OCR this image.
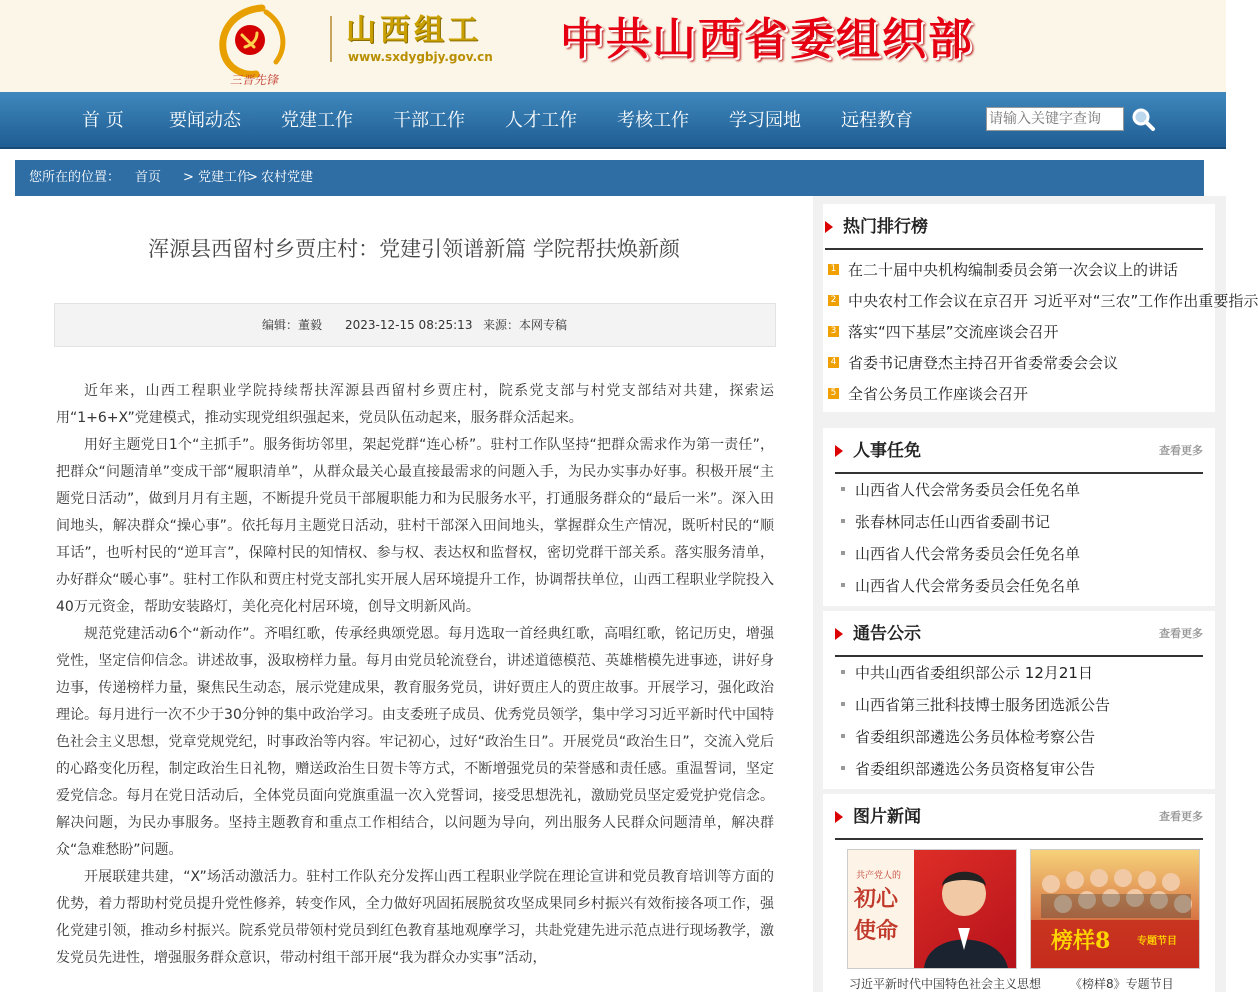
三晋先锋
山西组工
www.sxdygbjy.gov.cn 中共山西省委组织部
首 页	要闻动态 党建工作 干部工作 人才工作 考核工作 学习园地 远程教育
请输入关键字查询
您所在的位置： 首页 > 党建工作
> 农村党建
浑源县西留村乡贾庄村：党建引领谱新篇 学院帮扶焕新颜
编辑：董毅 2023-12-15 08:25:13 来源：本网专稿

近年来，山西工程职业学院持续帮扶浑源县西留村乡贾庄村，院系党支部与村党支部结对共建，探索运用“1+6+X”党建模式，推动实现党组织强起来，党员队伍动起来，服务群众活起来。

用好主题党日1个“主抓手”。服务街坊邻里，架起党群“连心桥”。驻村工作队坚持“把群众需求作为第一责任”，把群众“问题清单”变成干部“履职清单”，从群众最关心最直接最需求的问题入手，为民办实事办好事。积极开展“主题党日活动”，做到月月有主题，不断提升党员干部履职能力和为民服务水平，打通服务群众的“最后一米”。深入田间地头，解决群众“操心事”。依托每月主题党日活动，驻村干部深入田间地头，掌握群众生产情况，既听村民的“顺耳话”，也听村民的“逆耳言”，保障村民的知情权、参与权、表达权和监督权，密切党群干部关系。落实服务清单， 办好群众“暖心事”。驻村工作队和贾庄村党支部扎实开展人居环境提升工作，协调帮扶单位，山西工程职业学院投入40万元资金，帮助安装路灯，美化亮化村居环境，创导文明新风尚。

规范党建活动6个“新动作”。齐唱红歌，传承经典颂党恩。每月选取一首经典红歌，高唱红歌，铭记历史，增强党性，坚定信仰信念。讲述故事，汲取榜样力量。每月由党员轮流登台，讲述道德模范、英雄楷模先进事迹，讲好身边事，传递榜样力量，聚焦民生动态，展示党建成果，教育服务党员，讲好贾庄人的贾庄故事。开展学习，强化政治理论。每月进行一次不少于30分钟的集中政治学习。由支委班子成员、优秀党员领学，集中学习习近平新时代中国特色社会主义思想，党章党规党纪，时事政治等内容。牢记初心，过好“政治生日”。开展党员“政治生日”，交流入党后的心路变化历程，制定政治生日礼物，赠送政治生日贺卡等方式，不断增强党员的荣誉感和责任感。重温誓词，坚定爱党信念。每月在党日活动后，全体党员面向党旗重温一次入党誓词，接受思想洗礼，激励党员坚定爱党护党信念。解决问题，为民办事服务。坚持主题教育和重点工作相结合，以问题为导向，列出服务人民群众问题清单，解决群众“急难愁盼”问题。

开展联建共建，“X”场活动激活力。驻村工作队充分发挥山西工程职业学院在理论宣讲和党员教育培训等方面的优势，着力帮助村党员提升党性修养，转变作风，全力做好巩固拓展脱贫攻坚成果同乡村振兴有效衔接各项工作，强化党建引领，推动乡村振兴。院系党员带领村党员到红色教育基地观摩学习，共赴党建先进示范点进行现场教学，激发党员先进性，增强服务群众意识，带动村组干部开展“我为群众办实事”活动，

热门排行榜
1 在二十届中央机构编制委员会第一次会议上的讲话
2 中央农村工作会议在京召开 习近平对“三农”工作作出重要指示
3 落实“四下基层”交流座谈会召开
4 省委书记唐登杰主持召开省委常委会会议
5 全省公务员工作座谈会召开
人事任免	查看更多
山西省人代会常务委员会任免名单
张春林同志任山西省委副书记
山西省人代会常务委员会任免名单
山西省人代会常务委员会任免名单
通告公示	查看更多
中共山西省委组织部公示 12月21日
山西省第三批科技博士服务团选派公告
省委组织部遴选公务员体检考察公告
省委组织部遴选公务员资格复审公告
图片新闻	查看更多
共产党人的
初心
使命
习近平新时代中国特色社会主义思想
榜样8	专题节目
《榜样8》专题节目
